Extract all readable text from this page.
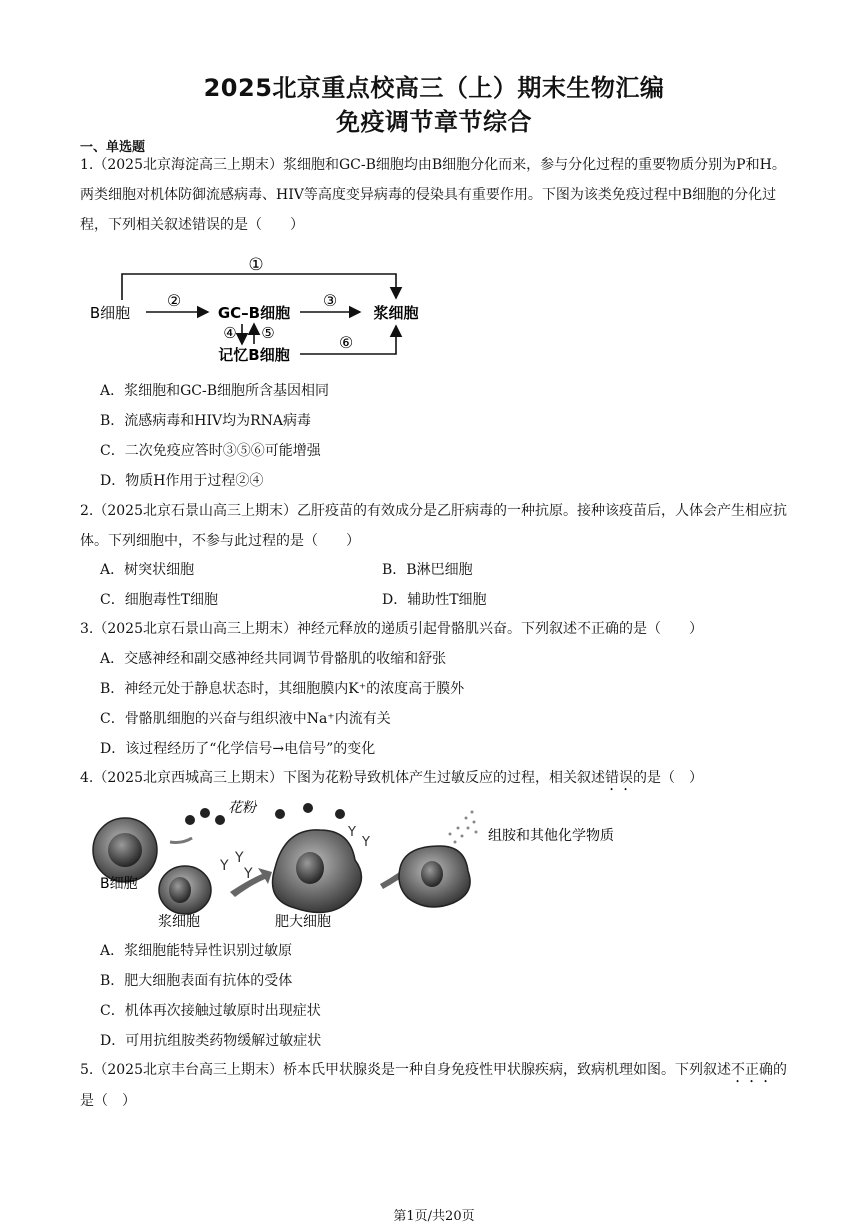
2025北京重点校高三（上）期末生物汇编
免疫调节章节综合
一、单选题
1.（2025北京海淀高三上期末）浆细胞和GC-B细胞均由B细胞分化而来，参与分化过程的重要物质分别为P和H。两类细胞对机体防御流感病毒、HIV等高度变异病毒的侵染具有重要作用。下图为该类免疫过程中B细胞的分化过程，下列相关叙述错误的是（　　）
①
B细胞
②
GC–B细胞
③
浆细胞
④ ⑤
记忆B细胞
⑥
A．浆细胞和GC-B细胞所含基因相同
B．流感病毒和HIV均为RNA病毒
C．二次免疫应答时③⑤⑥可能增强
D．物质H作用于过程②④
2.（2025北京石景山高三上期末）乙肝疫苗的有效成分是乙肝病毒的一种抗原。接种该疫苗后，人体会产生相应抗体。下列细胞中，不参与此过程的是（　　）
A．树突状细胞	B．B淋巴细胞
C．细胞毒性T细胞	D．辅助性T细胞
3.（2025北京石景山高三上期末）神经元释放的递质引起骨骼肌兴奋。下列叙述不正确的是（　　）
A．交感神经和副交感神经共同调节骨骼肌的收缩和舒张
B．神经元处于静息状态时，其细胞膜内K⁺的浓度高于膜外
C．骨骼肌细胞的兴奋与组织液中Na⁺内流有关
D．该过程经历了“化学信号→电信号”的变化
4.（2025北京西城高三上期末）下图为花粉导致机体产生过敏反应的过程，相关叙述错误的是（　）
B细胞
花粉
浆细胞
Y Y
Y
Y
Y
肥大细胞
组胺和其他化学物质
A．浆细胞能特异性识别过敏原
B．肥大细胞表面有抗体的受体
C．机体再次接触过敏原时出现症状
D．可用抗组胺类药物缓解过敏症状
5.（2025北京丰台高三上期末）桥本氏甲状腺炎是一种自身免疫性甲状腺疾病，致病机理如图。下列叙述不正确的是（　）
第1页/共20页
